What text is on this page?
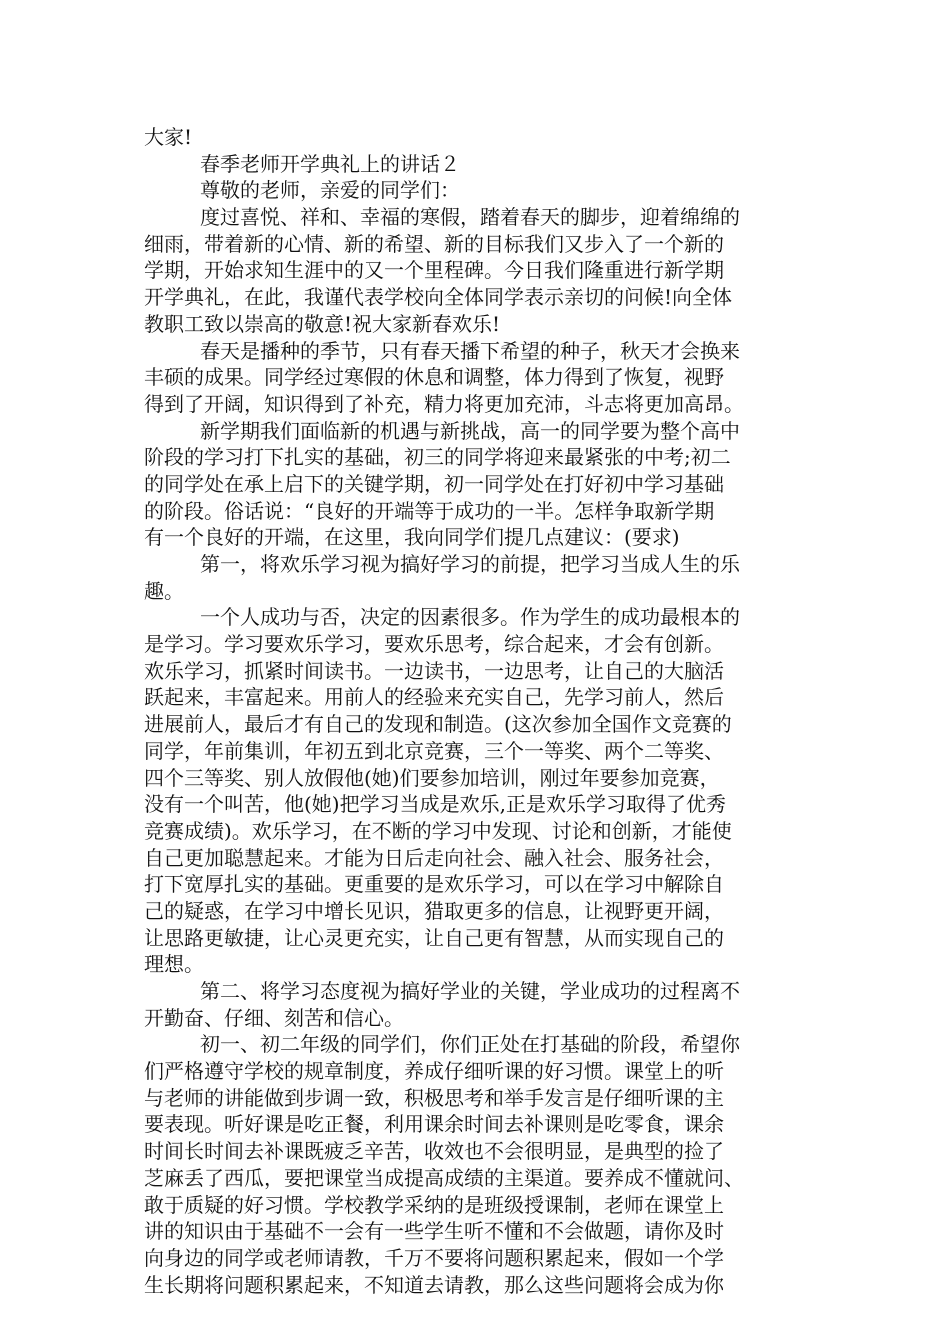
大家!
春季老师开学典礼上的讲话２
尊敬的老师，亲爱的同学们：
度过喜悦、祥和、幸福的寒假，踏着春天的脚步，迎着绵绵的
细雨，带着新的心情、新的希望、新的目标我们又步入了一个新的
学期，开始求知生涯中的又一个里程碑。今日我们隆重进行新学期
开学典礼，在此，我谨代表学校向全体同学表示亲切的问候!向全体
教职工致以崇高的敬意!祝大家新春欢乐!
春天是播种的季节，只有春天播下希望的种子，秋天才会换来
丰硕的成果。同学经过寒假的休息和调整，体力得到了恢复，视野
得到了开阔，知识得到了补充，精力将更加充沛，斗志将更加高昂。
新学期我们面临新的机遇与新挑战，高一的同学要为整个高中
阶段的学习打下扎实的基础，初三的同学将迎来最紧张的中考;初二
的同学处在承上启下的关键学期，初一同学处在打好初中学习基础
的阶段。俗话说：“良好的开端等于成功的一半。怎样争取新学期
有一个良好的开端，在这里，我向同学们提几点建议：(要求)
第一，将欢乐学习视为搞好学习的前提，把学习当成人生的乐
趣。
一个人成功与否，决定的因素很多。作为学生的成功最根本的
是学习。学习要欢乐学习，要欢乐思考，综合起来，才会有创新。
欢乐学习，抓紧时间读书。一边读书，一边思考，让自己的大脑活
跃起来，丰富起来。用前人的经验来充实自己，先学习前人，然后
进展前人，最后才有自己的发现和制造。(这次参加全国作文竞赛的
同学，年前集训，年初五到北京竞赛，三个一等奖、两个二等奖、
四个三等奖、别人放假他(她)们要参加培训，刚过年要参加竞赛，
没有一个叫苦，他(她)把学习当成是欢乐,正是欢乐学习取得了优秀
竞赛成绩)。欢乐学习，在不断的学习中发现、讨论和创新，才能使
自己更加聪慧起来。才能为日后走向社会、融入社会、服务社会，
打下宽厚扎实的基础。更重要的是欢乐学习，可以在学习中解除自
己的疑惑，在学习中增长见识，猎取更多的信息，让视野更开阔，
让思路更敏捷，让心灵更充实，让自己更有智慧，从而实现自己的
理想。
第二、将学习态度视为搞好学业的关键，学业成功的过程离不
开勤奋、仔细、刻苦和信心。
初一、初二年级的同学们，你们正处在打基础的阶段，希望你
们严格遵守学校的规章制度，养成仔细听课的好习惯。课堂上的听
与老师的讲能做到步调一致，积极思考和举手发言是仔细听课的主
要表现。听好课是吃正餐，利用课余时间去补课则是吃零食，课余
时间长时间去补课既疲乏辛苦，收效也不会很明显，是典型的捡了
芝麻丢了西瓜，要把课堂当成提高成绩的主渠道。要养成不懂就问、
敢于质疑的好习惯。学校教学采纳的是班级授课制，老师在课堂上
讲的知识由于基础不一会有一些学生听不懂和不会做题，请你及时
向身边的同学或老师请教，千万不要将问题积累起来，假如一个学
生长期将问题积累起来，不知道去请教，那么这些问题将会成为你
